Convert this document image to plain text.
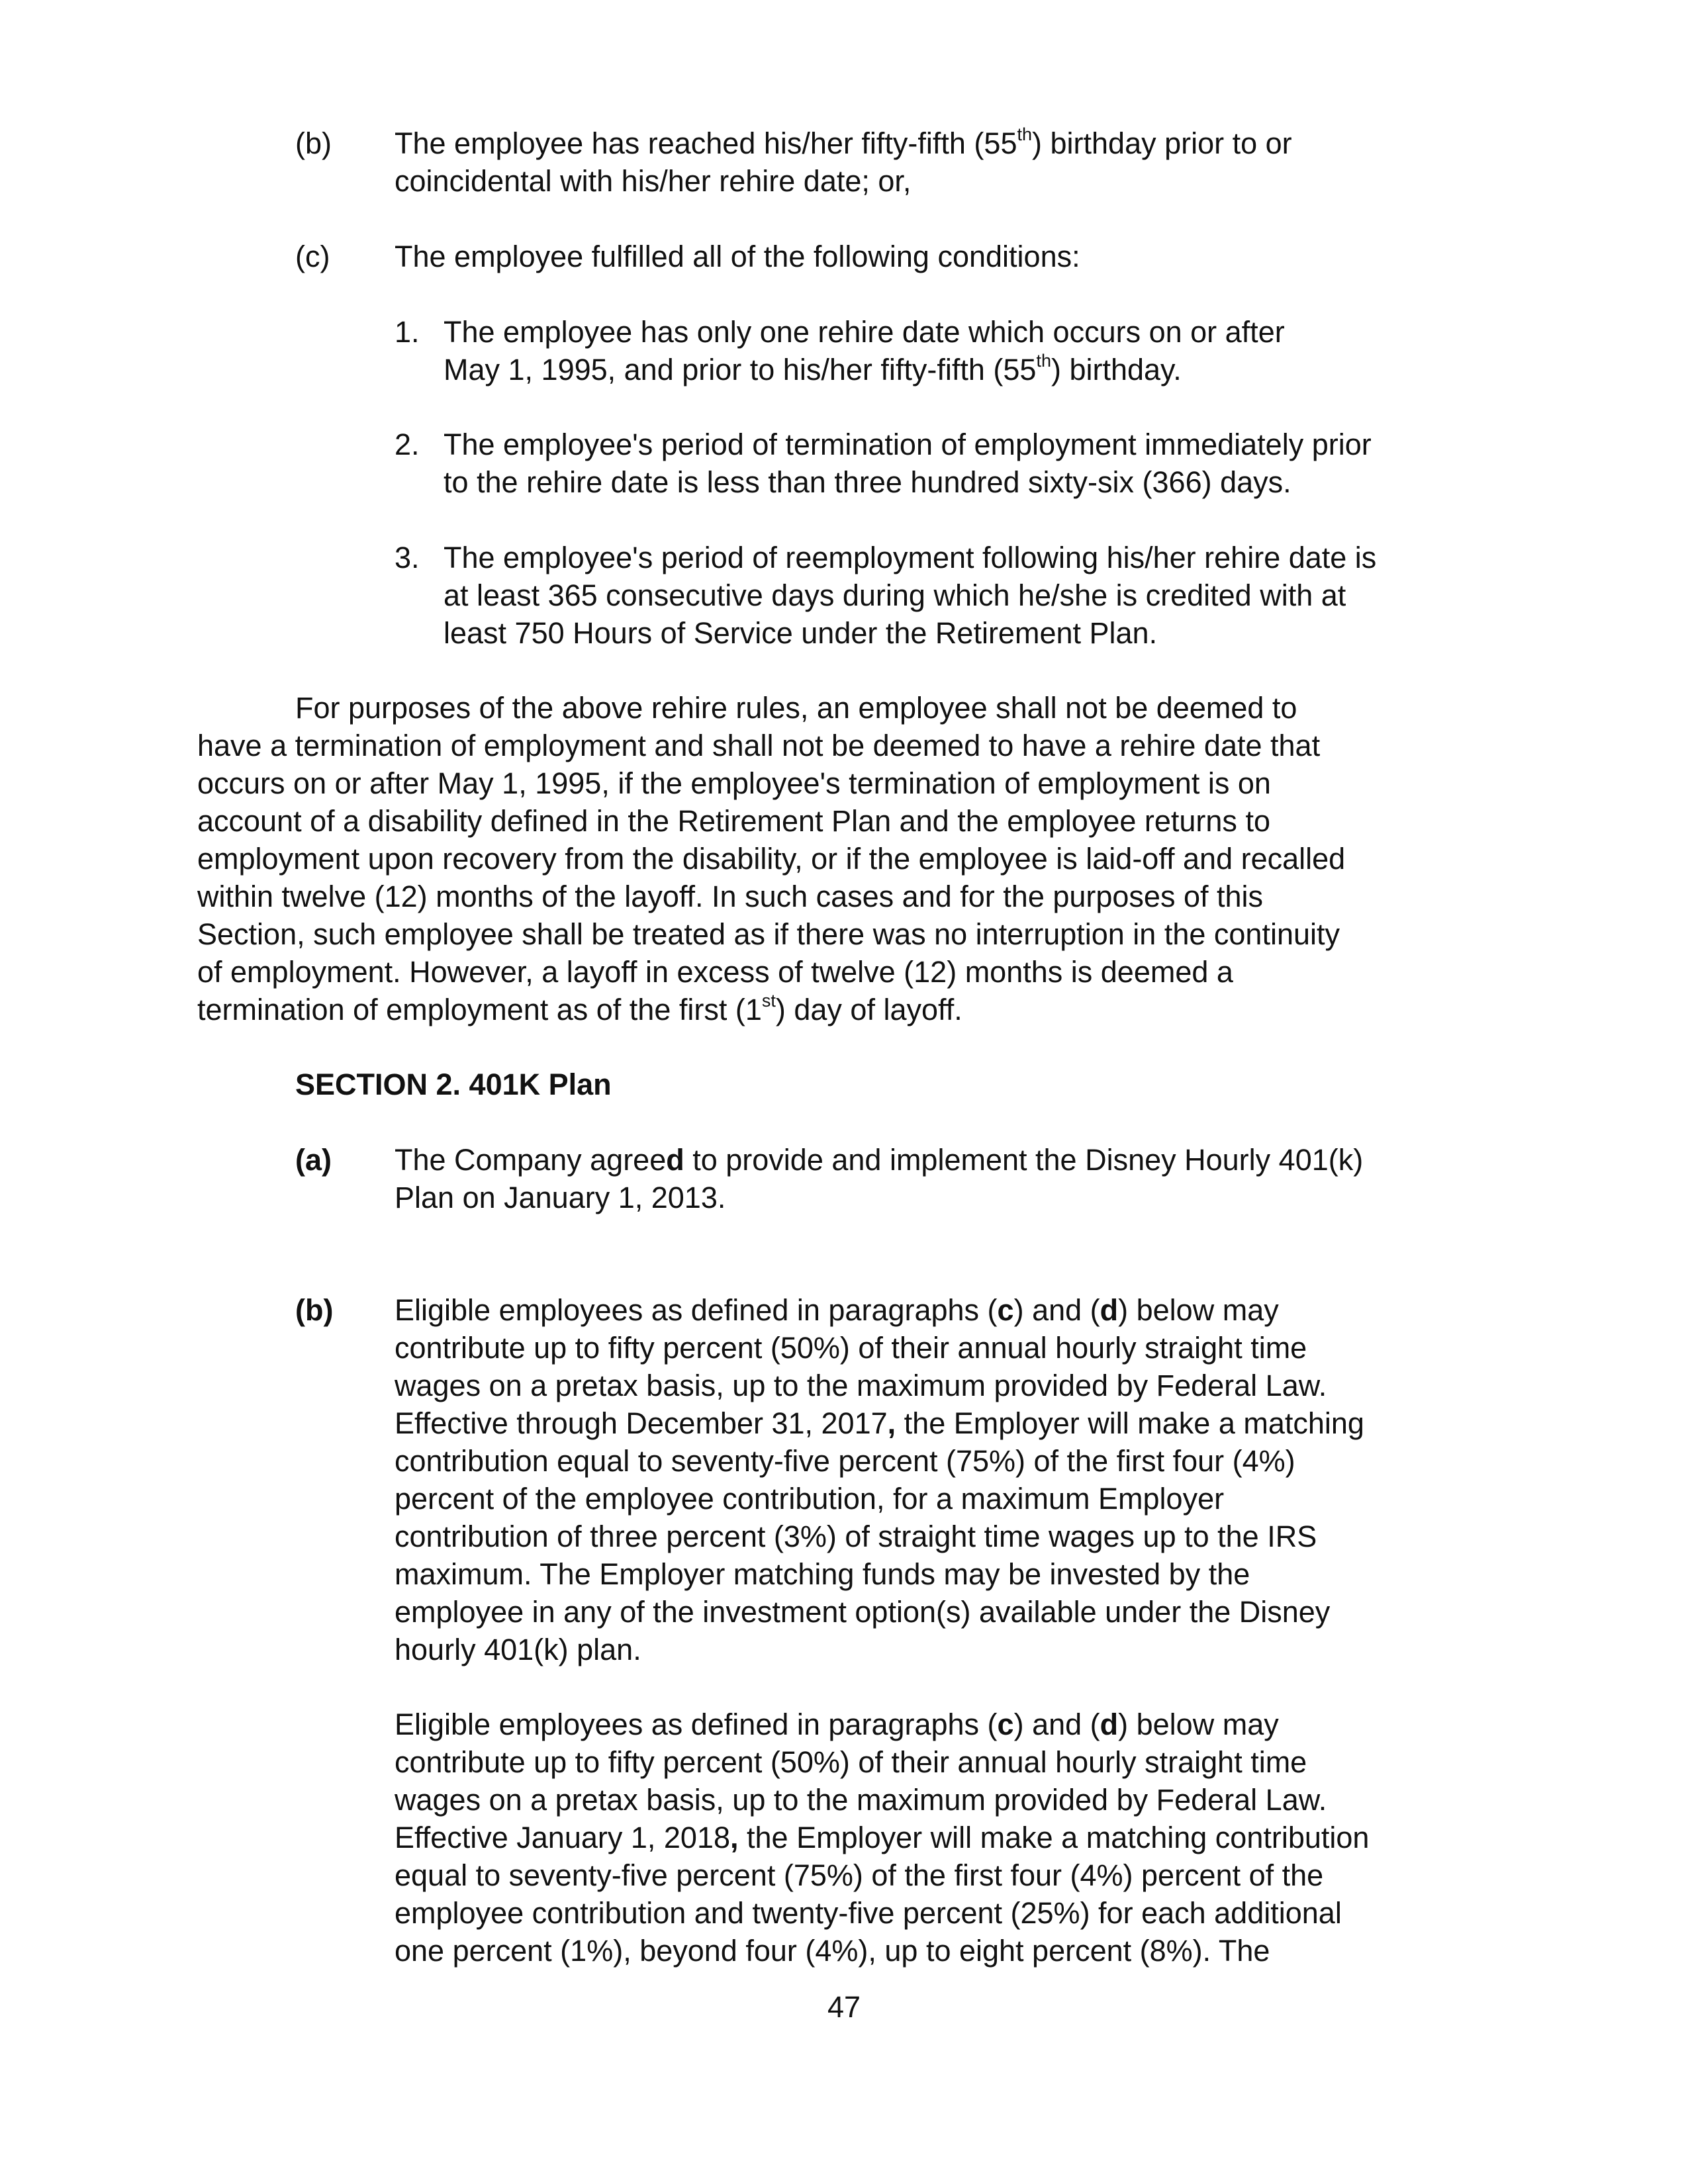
(b) The employee has reached his/her fifty-fifth (55th) birthday prior to or
coincidental with his/her rehire date; or,

(c) The employee fulfilled all of the following conditions:

1. The employee has only one rehire date which occurs on or after
May 1, 1995, and prior to his/her fifty-fifth (55th) birthday.

2. The employee's period of termination of employment immediately prior
to the rehire date is less than three hundred sixty-six (366) days.

3. The employee's period of reemployment following his/her rehire date is
at least 365 consecutive days during which he/she is credited with at
least 750 Hours of Service under the Retirement Plan.

For purposes of the above rehire rules, an employee shall not be deemed to
have a termination of employment and shall not be deemed to have a rehire date that
occurs on or after May 1, 1995, if the employee's termination of employment is on
account of a disability defined in the Retirement Plan and the employee returns to
employment upon recovery from the disability, or if the employee is laid-off and recalled
within twelve (12) months of the layoff. In such cases and for the purposes of this
Section, such employee shall be treated as if there was no interruption in the continuity
of employment. However, a layoff in excess of twelve (12) months is deemed a
termination of employment as of the first (1st) day of layoff.

SECTION 2. 401K Plan

(a) The Company agreed to provide and implement the Disney Hourly 401(k)
Plan on January 1, 2013.

(b) Eligible employees as defined in paragraphs (c) and (d) below may
contribute up to fifty percent (50%) of their annual hourly straight time
wages on a pretax basis, up to the maximum provided by Federal Law.
Effective through December 31, 2017, the Employer will make a matching
contribution equal to seventy-five percent (75%) of the first four (4%)
percent of the employee contribution, for a maximum Employer
contribution of three percent (3%) of straight time wages up to the IRS
maximum. The Employer matching funds may be invested by the
employee in any of the investment option(s) available under the Disney
hourly 401(k) plan.

Eligible employees as defined in paragraphs (c) and (d) below may
contribute up to fifty percent (50%) of their annual hourly straight time
wages on a pretax basis, up to the maximum provided by Federal Law.
Effective January 1, 2018, the Employer will make a matching contribution
equal to seventy-five percent (75%) of the first four (4%) percent of the
employee contribution and twenty-five percent (25%) for each additional
one percent (1%), beyond four (4%), up to eight percent (8%). The

47
